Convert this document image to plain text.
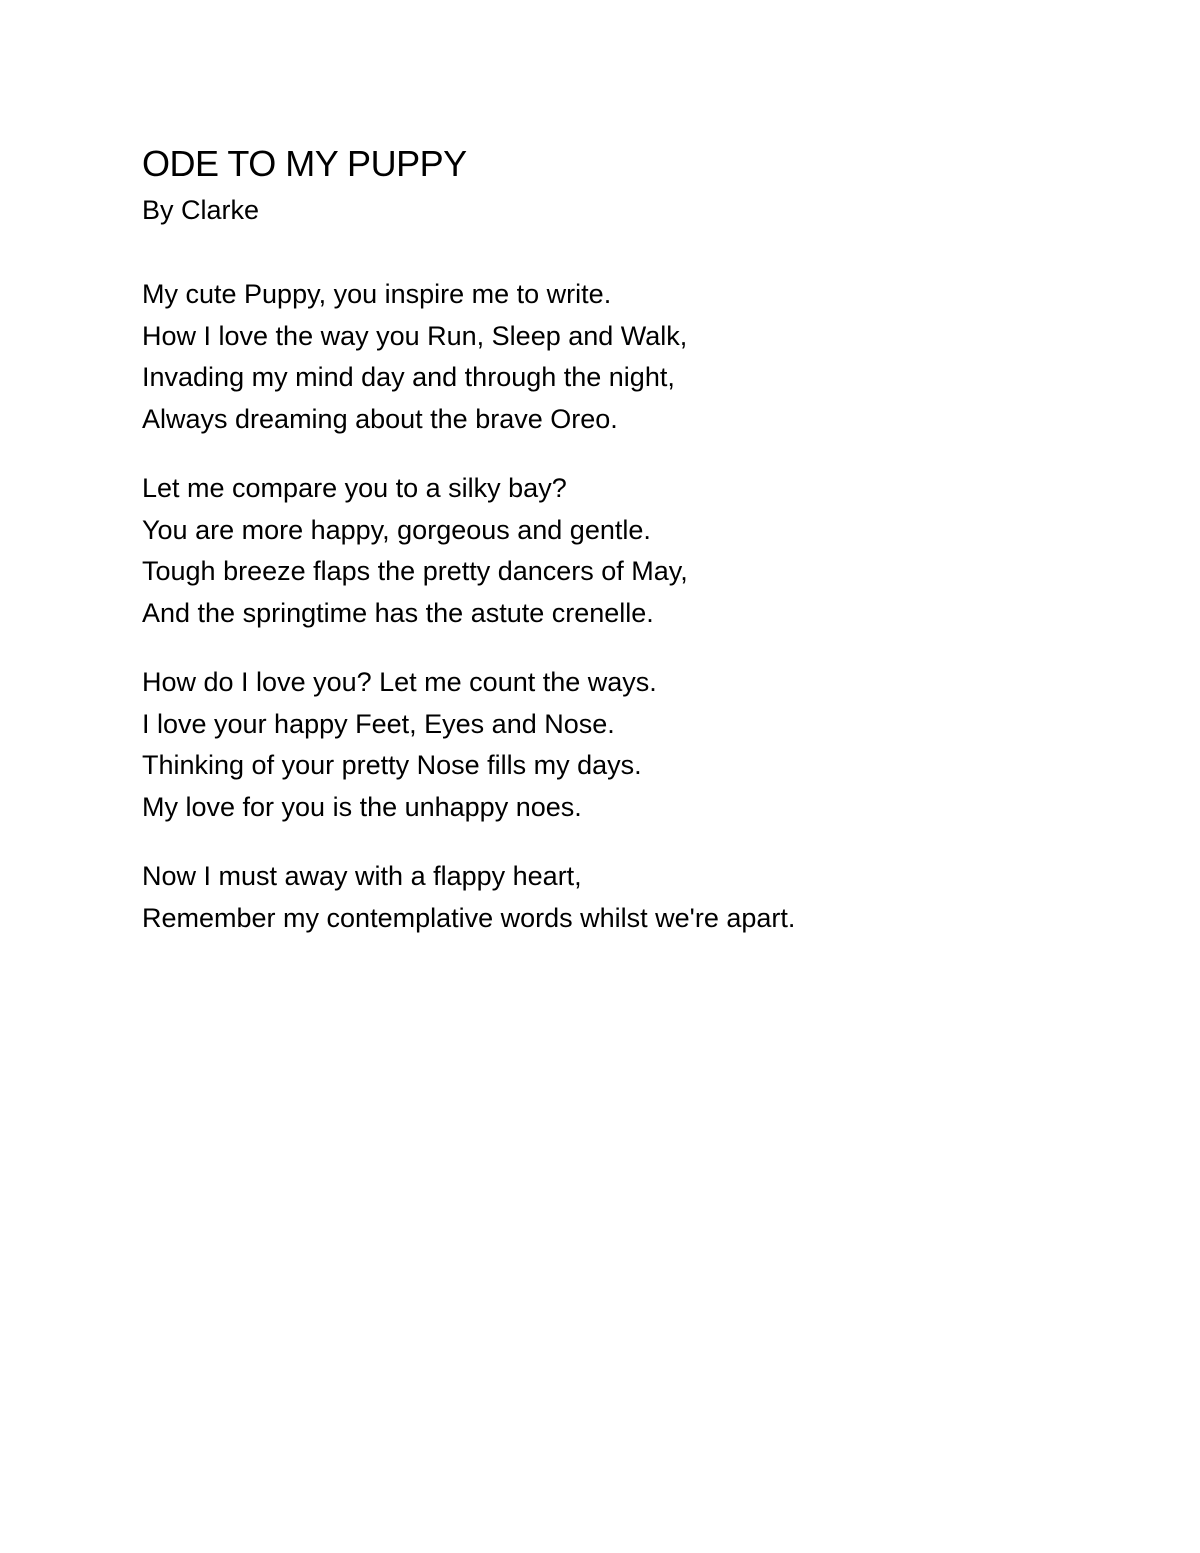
ODE TO MY PUPPY
By Clarke
My cute Puppy, you inspire me to write.
How I love the way you Run, Sleep and Walk,
Invading my mind day and through the night,
Always dreaming about the brave Oreo.
Let me compare you to a silky bay?
You are more happy, gorgeous and gentle.
Tough breeze flaps the pretty dancers of May,
And the springtime has the astute crenelle.
How do I love you? Let me count the ways.
I love your happy Feet, Eyes and Nose.
Thinking of your pretty Nose fills my days.
My love for you is the unhappy noes.
Now I must away with a flappy heart,
Remember my contemplative words whilst we're apart.
